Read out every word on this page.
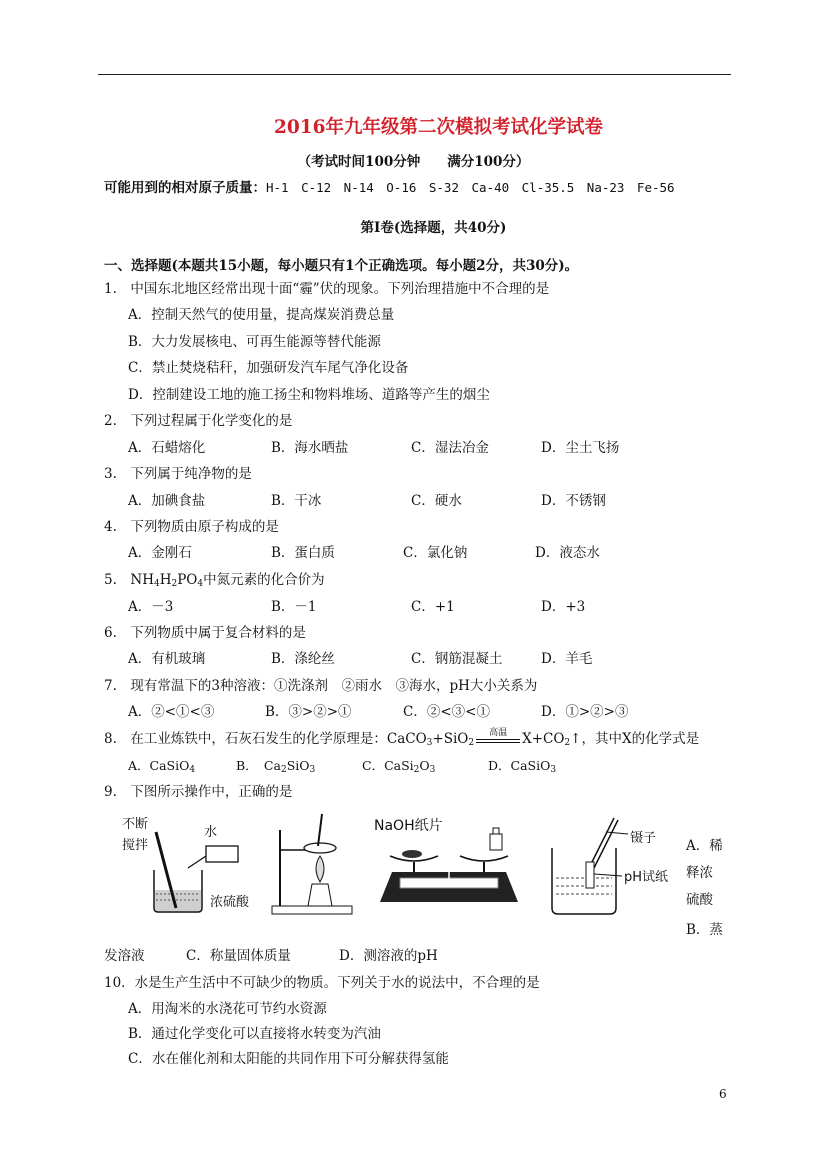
2016年九年级第二次模拟考试化学试卷
（考试时间100分钟　　满分100分）
可能用到的相对原子质量：H-1　C-12　N-14　O-16　S-32　Ca-40　Cl-35.5　Na-23　Fe-56
第Ⅰ卷(选择题，共40分)
一、选择题(本题共15小题，每小题只有1个正确选项。每小题2分，共30分)。
1.　中国东北地区经常出现十面“霾”伏的现象。下列治理措施中不合理的是
A．控制天然气的使用量，提高煤炭消费总量
B．大力发展核电、可再生能源等替代能源
C．禁止焚烧秸秆，加强研发汽车尾气净化设备
D．控制建设工地的施工扬尘和物料堆场、道路等产生的烟尘
2.　下列过程属于化学变化的是
A．石蜡熔化	B．海水晒盐	C．湿法冶金	D．尘土飞扬
3.　下列属于纯净物的是
A．加碘食盐	B．干冰	C．硬水	D．不锈钢
4.　下列物质由原子构成的是
A．金刚石	B．蛋白质	C．氯化钠	D．液态水
5.　$NH_4H_2PO_4$中氮元素的化合价为
A．－3	B．－1	C．+1	D．+3
6.　下列物质中属于复合材料的是
A．有机玻璃	B．涤纶丝	C．钢筋混凝土	D．羊毛
7.　现有常温下的3种溶液：①洗涤剂　②雨水　③海水，pH大小关系为
A．②<①<③	B．③>②>①	C．②<③<①	D．①>②>③
8.　在工业炼铁中，石灰石发生的化学原理是：CaCO$_3$+SiO$_2$
高温	$X+CO_2↑$，其中X的化学式是
A．CaSiO$_4$	B．　$Ca_2SiO_3$	C．$CaSi_2O_3$	D．CaSiO$_3$
9.　下图所示操作中，正确的是
不断
搅拌
水
浓硫酸
NaOH纸片
镊子
pH试纸
A．稀
释浓
硫酸
B．蒸
发溶液	C．称量固体质量	D．测溶液的pH
10．水是生产生活中不可缺少的物质。下列关于水的说法中，不合理的是
A．用淘米的水浇花可节约水资源
B．通过化学变化可以直接将水转变为汽油
C．水在催化剂和太阳能的共同作用下可分解获得氢能
6
